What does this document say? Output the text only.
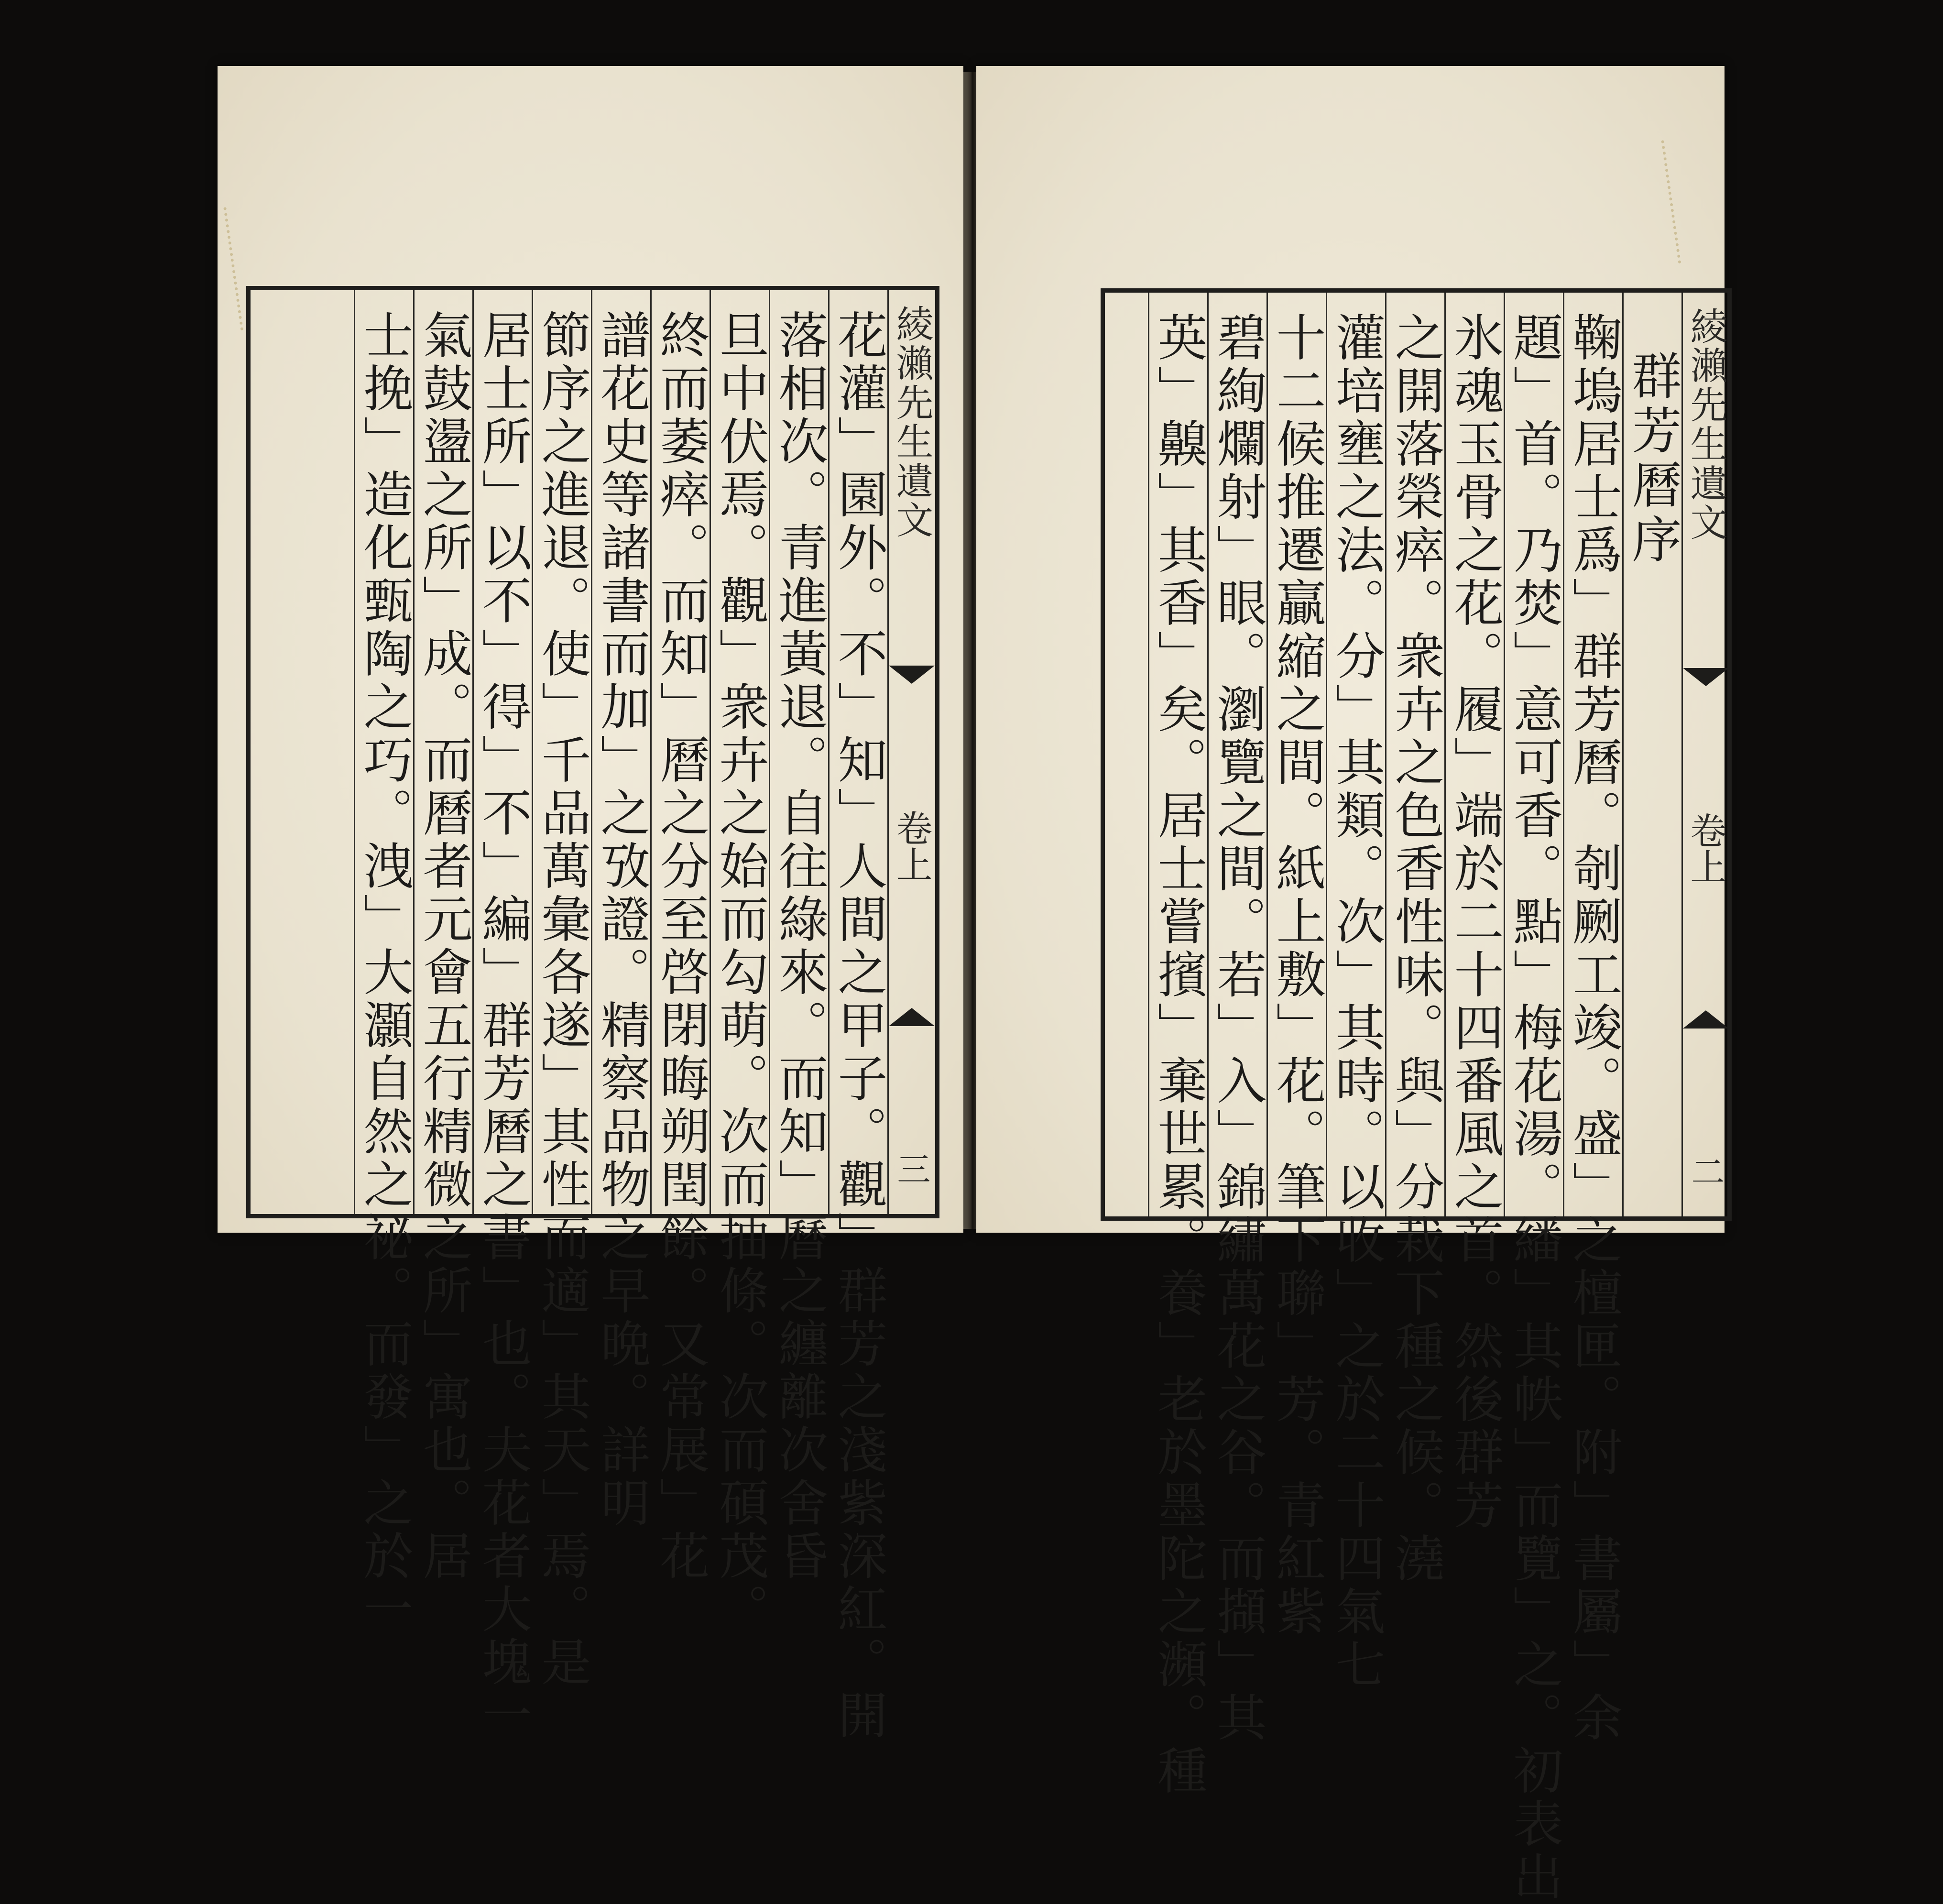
綾瀨先生遺文
卷上
三
花灌」園外。不」知」人間之甲子。觀」群芳之淺紫深紅。開
落相次。青進黃退。自往綠來。而知」曆之纏離次舍昏
旦中伏焉。觀」衆卉之始而勾萌。次而抽條。次而碩茂。
終而萎瘁。而知」曆之分至啓閉晦朔閏餘。又常展」花
譜花史等諸書而加」之攷證。精察品物之早晩。詳明
節序之進退。使」千品萬彙各遂」其性而適」其天」焉。是
居士所」以不」得」不」編」群芳曆之書」也。夫花者大塊一
氣鼓盪之所」成。而曆者元會五行精微之所」寓也。居
士挽」造化甄陶之巧。洩」大灝自然之祕。而發」之於一	綾瀨先生遺文
卷上
二
群芳曆序
鞠塢居士爲」群芳曆。剞劂工竣。盛」之檀匣。附」書屬」余
題」首。乃焚」意可香。點」梅花湯。繙」其帙」而覽」之。初表出
氷魂玉骨之花。履」端於二十四番風之首。然後群芳
之開落榮瘁。衆卉之色香性味。與」分栽下種之候。澆
灌培壅之法。分」其類。次」其時。以收」之於二十四氣七
十二候推遷贏縮之間。紙上敷」花。筆下聯」芳。青紅紫
碧絢爛射」眼。瀏覽之間。若」入」錦繡萬花之谷。而擷」其
英」齅」其香」矣。居士嘗擯」棄世累。養」老於墨陀之瀕。種
